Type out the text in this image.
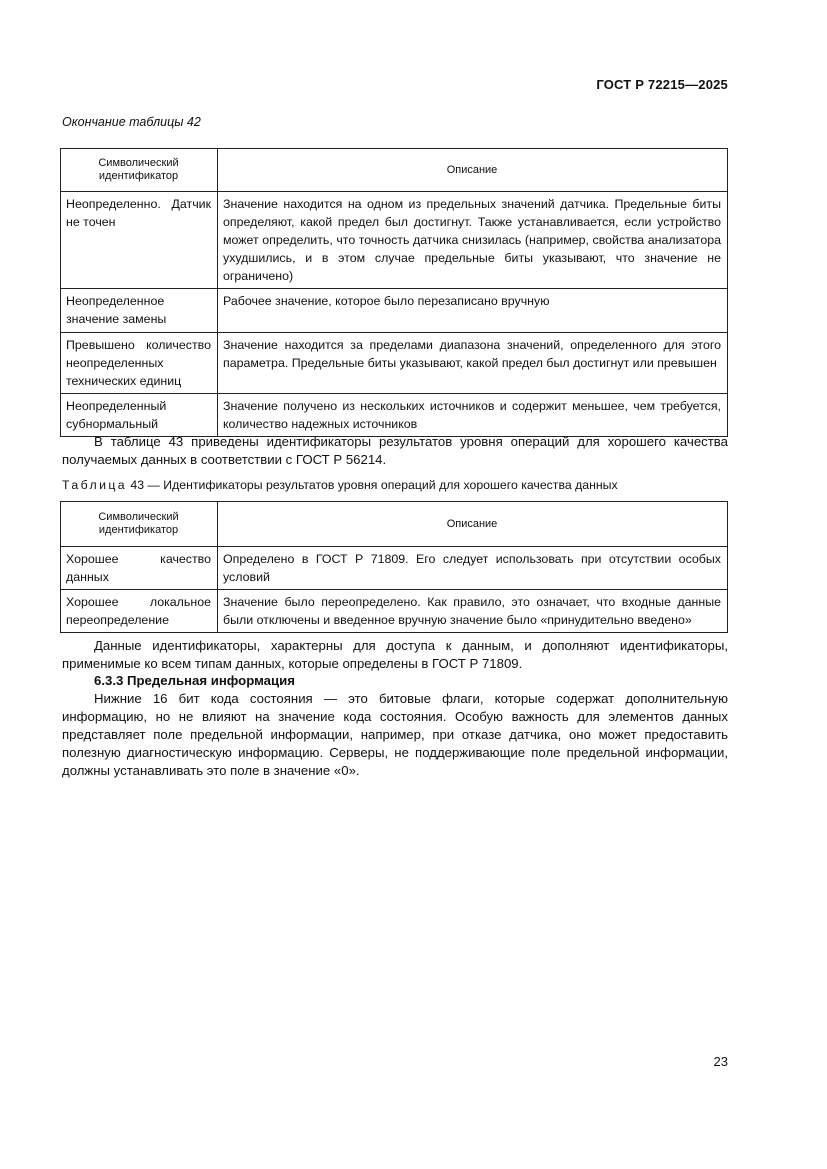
ГОСТ Р 72215—2025
Окончание таблицы 42
Символический идентификатор	Описание
Неопределенно. Датчик не точен	Значение находится на одном из предельных значений датчика. Предельные биты определяют, какой предел был достигнут. Также устанавливается, если устройство может определить, что точность датчика снизилась (например, свойства анализатора ухудшились, и в этом случае предельные биты указывают, что значение не ограничено)
Неопределенное значение замены	Рабочее значение, которое было перезаписано вручную
Превышено количество неопределенных технических единиц	Значение находится за пределами диапазона значений, определенного для этого параметра. Предельные биты указывают, какой предел был достигнут или превышен
Неопределенный субнормальный	Значение получено из нескольких источников и содержит меньшее, чем требуется, количество надежных источников
В таблице 43 приведены идентификаторы результатов уровня операций для хорошего качества получаемых данных в соответствии с ГОСТ Р 56214.
Таблица 43 — Идентификаторы результатов уровня операций для хорошего качества данных
Символический идентификатор	Описание
Хорошее качество данных	Определено в ГОСТ Р 71809. Его следует использовать при отсутствии особых условий
Хорошее локальное переопределение	Значение было переопределено. Как правило, это означает, что входные данные были отключены и введенное вручную значение было «принудительно введено»
Данные идентификаторы, характерны для доступа к данным, и дополняют идентификаторы, применимые ко всем типам данных, которые определены в ГОСТ Р 71809.
6.3.3 Предельная информация
Нижние 16 бит кода состояния — это битовые флаги, которые содержат дополнительную информацию, но не влияют на значение кода состояния. Особую важность для элементов данных представляет поле предельной информации, например, при отказе датчика, оно может предоставить полезную диагностическую информацию. Серверы, не поддерживающие поле предельной информации, должны устанавливать это поле в значение «0».
23
